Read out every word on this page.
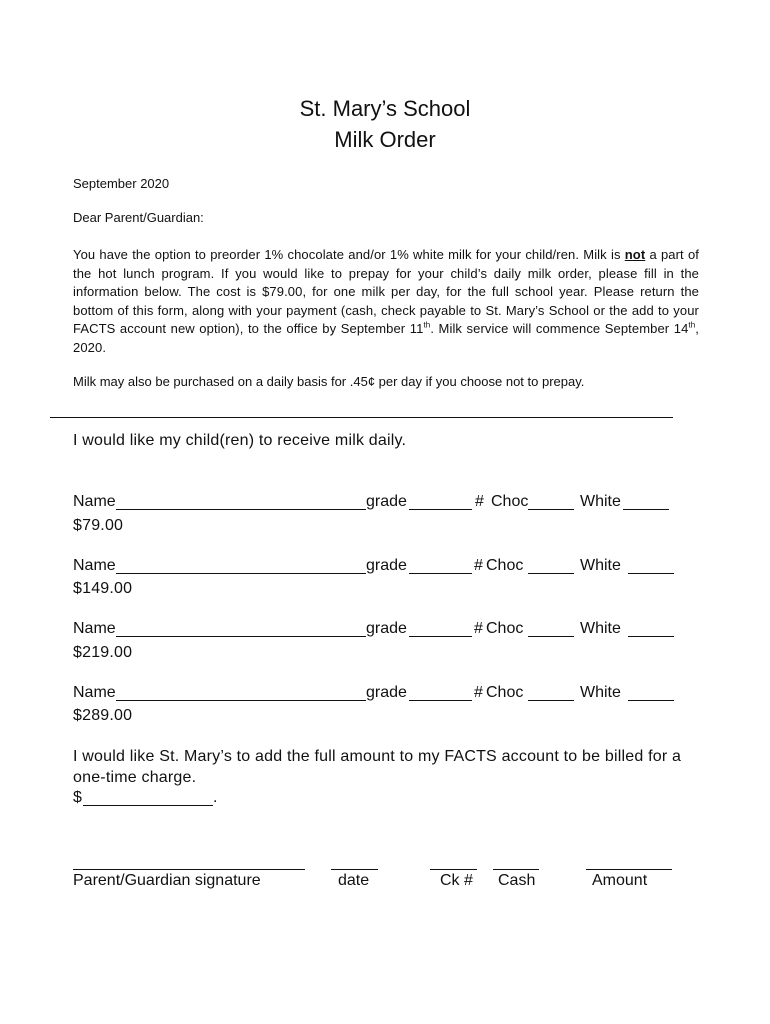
St. Mary’s School
Milk Order
September 2020
Dear Parent/Guardian:
You have the option to preorder 1% chocolate and/or 1% white milk for your child/ren. Milk is not a part of the hot lunch program. If you would like to prepay for your child’s daily milk order, please fill in the information below. The cost is $79.00, for one milk per day, for the full school year. Please return the bottom of this form, along with your payment (cash, check payable to St. Mary’s School or the add to your FACTS account new option), to the office by September 11th. Milk service will commence September 14th, 2020.
Milk may also be purchased on a daily basis for .45¢ per day if you choose not to prepay.
I would like my child(ren) to receive milk daily.
Name	grade	# Choc	White
$79.00
Name	grade	# Choc	White
$149.00
Name	grade	# Choc	White
$219.00
Name	grade	# Choc	White
$289.00
I would like St. Mary’s to add the full amount to my FACTS account to be billed for a one-time charge.
$	.
Parent/Guardian signature	date	Ck # Cash	Amount
